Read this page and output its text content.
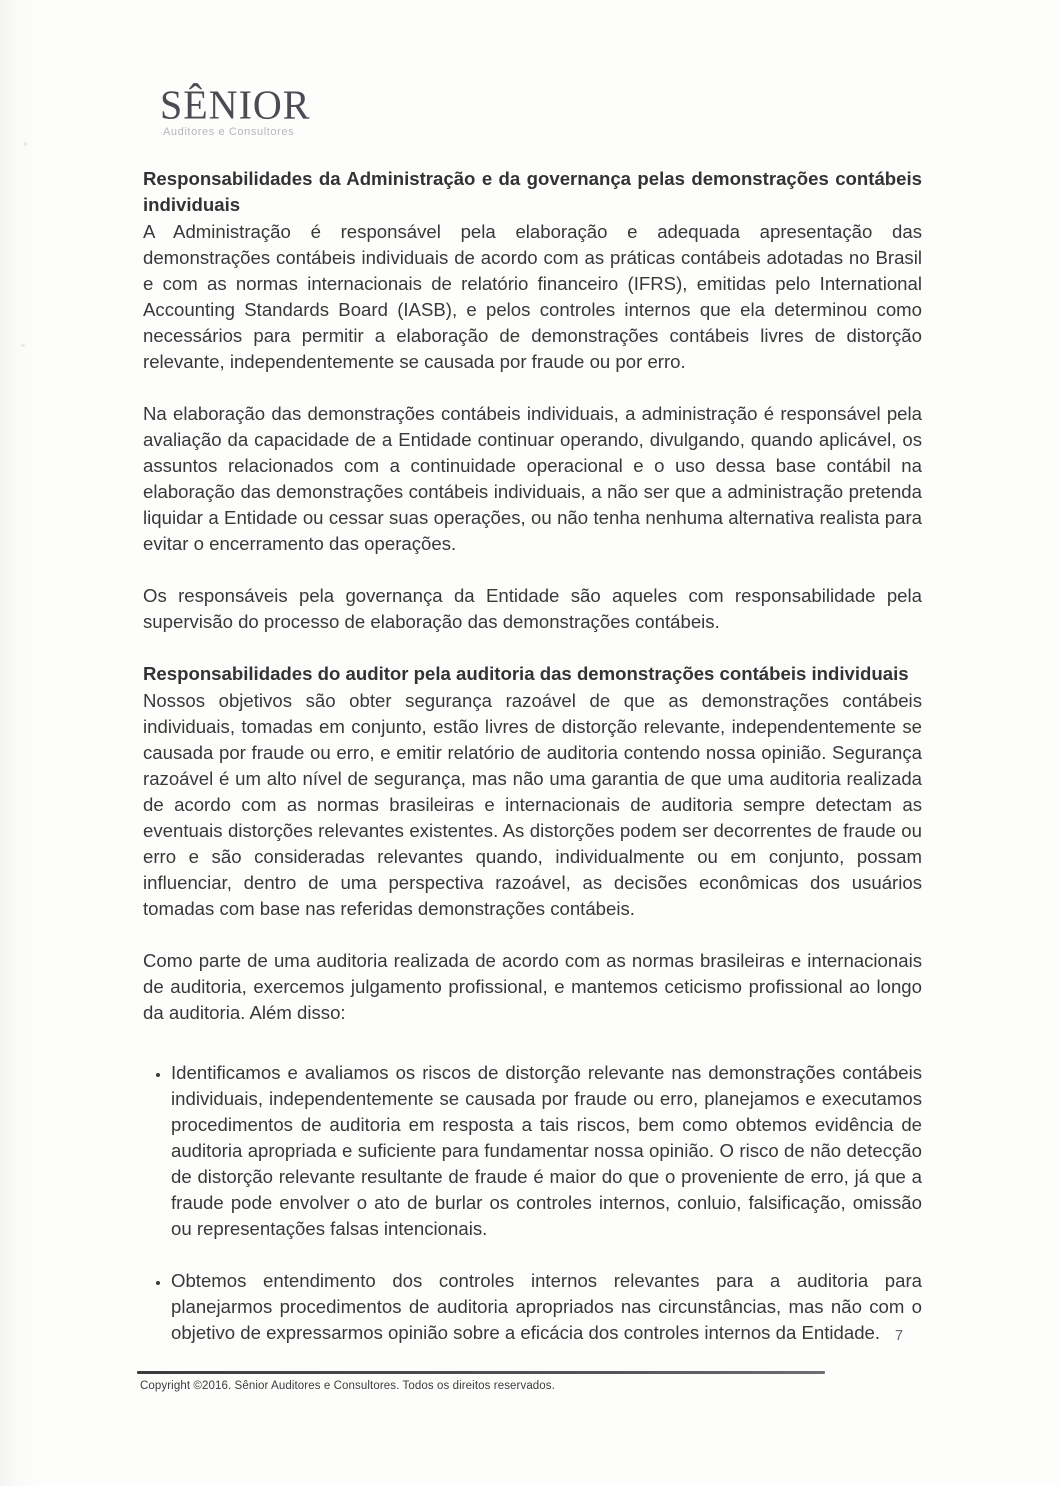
SÊNIOR
Auditores e Consultores
Responsabilidades da Administração e da governança pelas demonstrações contábeis individuais

A Administração é responsável pela elaboração e adequada apresentação das demonstrações contábeis individuais de acordo com as práticas contábeis adotadas no Brasil e com as normas internacionais de relatório financeiro (IFRS), emitidas pelo International Accounting Standards Board (IASB), e pelos controles internos que ela determinou como necessários para permitir a elaboração de demonstrações contábeis livres de distorção relevante, independentemente se causada por fraude ou por erro.

Na elaboração das demonstrações contábeis individuais, a administração é responsável pela avaliação da capacidade de a Entidade continuar operando, divulgando, quando aplicável, os assuntos relacionados com a continuidade operacional e o uso dessa base contábil na elaboração das demonstrações contábeis individuais, a não ser que a administração pretenda liquidar a Entidade ou cessar suas operações, ou não tenha nenhuma alternativa realista para evitar o encerramento das operações.

Os responsáveis pela governança da Entidade são aqueles com responsabilidade pela supervisão do processo de elaboração das demonstrações contábeis.

Responsabilidades do auditor pela auditoria das demonstrações contábeis individuais

Nossos objetivos são obter segurança razoável de que as demonstrações contábeis individuais, tomadas em conjunto, estão livres de distorção relevante, independentemente se causada por fraude ou erro, e emitir relatório de auditoria contendo nossa opinião. Segurança razoável é um alto nível de segurança, mas não uma garantia de que uma auditoria realizada de acordo com as normas brasileiras e internacionais de auditoria sempre detectam as eventuais distorções relevantes existentes. As distorções podem ser decorrentes de fraude ou erro e são consideradas relevantes quando, individualmente ou em conjunto, possam influenciar, dentro de uma perspectiva razoável, as decisões econômicas dos usuários tomadas com base nas referidas demonstrações contábeis.

Como parte de uma auditoria realizada de acordo com as normas brasileiras e internacionais de auditoria, exercemos julgamento profissional, e mantemos ceticismo profissional ao longo da auditoria. Além disso:

• Identificamos e avaliamos os riscos de distorção relevante nas demonstrações contábeis individuais, independentemente se causada por fraude ou erro, planejamos e executamos procedimentos de auditoria em resposta a tais riscos, bem como obtemos evidência de auditoria apropriada e suficiente para fundamentar nossa opinião. O risco de não detecção de distorção relevante resultante de fraude é maior do que o proveniente de erro, já que a fraude pode envolver o ato de burlar os controles internos, conluio, falsificação, omissão ou representações falsas intencionais.
• Obtemos entendimento dos controles internos relevantes para a auditoria para planejarmos procedimentos de auditoria apropriados nas circunstâncias, mas não com o objetivo de expressarmos opinião sobre a eficácia dos controles internos da Entidade.	7
Copyright ©2016. Sênior Auditores e Consultores. Todos os direitos reservados.
